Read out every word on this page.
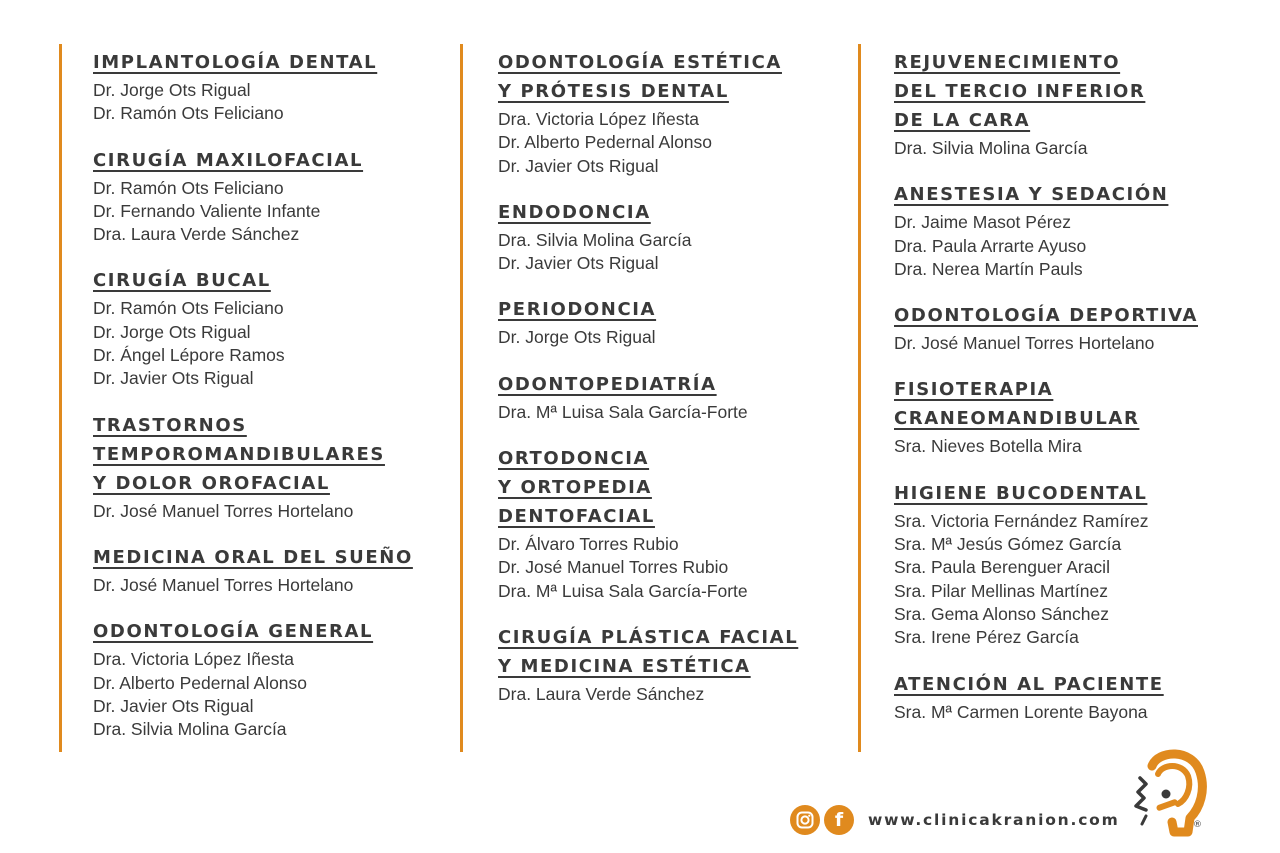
IMPLANTOLOGÍA DENTAL
Dr. Jorge Ots Rigual
Dr. Ramón Ots Feliciano
CIRUGÍA MAXILOFACIAL
Dr. Ramón Ots Feliciano
Dr. Fernando Valiente Infante
Dra. Laura Verde Sánchez
CIRUGÍA BUCAL
Dr. Ramón Ots Feliciano
Dr. Jorge Ots Rigual
Dr. Ángel Lépore Ramos
Dr. Javier Ots Rigual
TRASTORNOS
TEMPOROMANDIBULARES
Y DOLOR OROFACIAL
Dr. José Manuel Torres Hortelano
MEDICINA ORAL DEL SUEÑO
Dr. José Manuel Torres Hortelano
ODONTOLOGÍA GENERAL
Dra. Victoria López Iñesta
Dr. Alberto Pedernal Alonso
Dr. Javier Ots Rigual
Dra. Silvia Molina García
ODONTOLOGÍA ESTÉTICA
Y PRÓTESIS DENTAL
Dra. Victoria López Iñesta
Dr. Alberto Pedernal Alonso
Dr. Javier Ots Rigual
ENDODONCIA
Dra. Silvia Molina García
Dr. Javier Ots Rigual
PERIODONCIA
Dr. Jorge Ots Rigual
ODONTOPEDIATRÍA
Dra. Mª Luisa Sala García-Forte
ORTODONCIA
Y ORTOPEDIA
DENTOFACIAL
Dr. Álvaro Torres Rubio
Dr. José Manuel Torres Rubio
Dra. Mª Luisa Sala García-Forte
CIRUGÍA PLÁSTICA FACIAL
Y MEDICINA ESTÉTICA
Dra. Laura Verde Sánchez
REJUVENECIMIENTO
DEL TERCIO INFERIOR
DE LA CARA
Dra. Silvia Molina García
ANESTESIA Y SEDACIÓN
Dr. Jaime Masot Pérez
Dra. Paula Arrarte Ayuso
Dra. Nerea Martín Pauls
ODONTOLOGÍA DEPORTIVA
Dr. José Manuel Torres Hortelano
FISIOTERAPIA
CRANEOMANDIBULAR
Sra. Nieves Botella Mira
HIGIENE BUCODENTAL
Sra. Victoria Fernández Ramírez
Sra. Mª Jesús Gómez García
Sra. Paula Berenguer Aracil
Sra. Pilar Mellinas Martínez
Sra. Gema Alonso Sánchez
Sra. Irene Pérez García
ATENCIÓN AL PACIENTE
Sra. Mª Carmen Lorente Bayona
f www.clinicakranion.com	®
